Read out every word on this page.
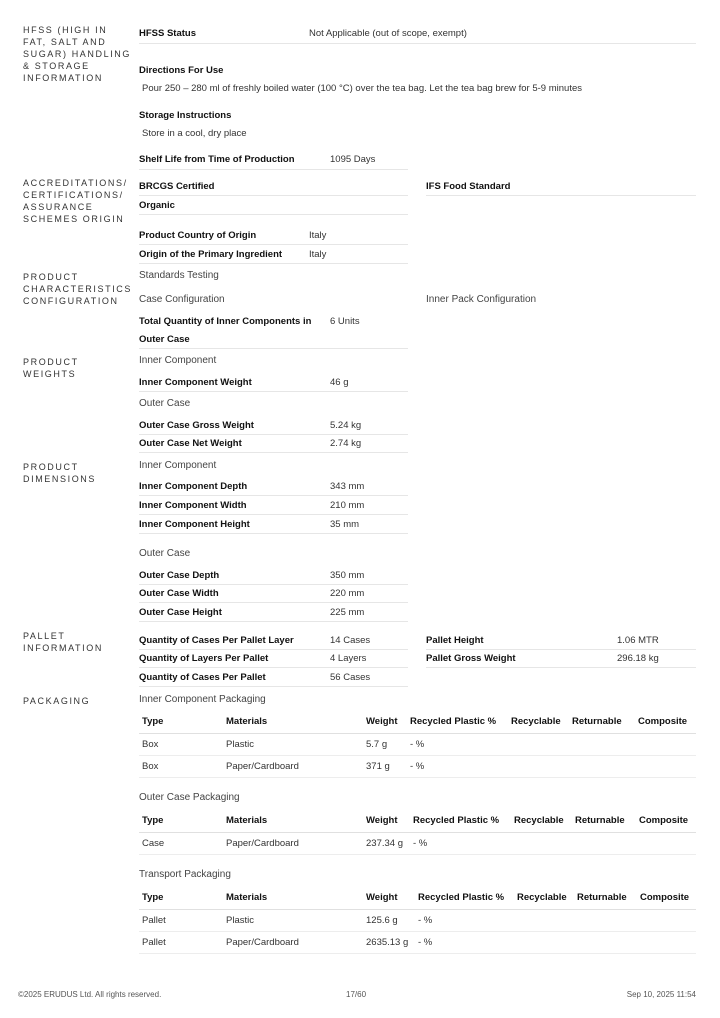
HFSS (HIGH IN FAT, SALT AND SUGAR) HANDLING & STORAGE INFORMATION
ACCREDITATIONS/ CERTIFICATIONS/ ASSURANCE SCHEMES ORIGIN
PRODUCT CHARACTERISTICS CONFIGURATION
PRODUCT WEIGHTS
PRODUCT DIMENSIONS
PALLET INFORMATION
PACKAGING
HFSS Status	Not Applicable (out of scope, exempt)
Directions For Use
Pour 250 – 280 ml of freshly boiled water (100 °C) over the tea bag. Let the tea bag brew for 5-9 minutes
Storage Instructions
Store in a cool, dry place
Shelf Life from Time of Production	1095 Days
BRCGS Certified	IFS Food Standard
Organic
Product Country of Origin	Italy
Origin of the Primary Ingredient	Italy
Standards Testing
Case Configuration	Inner Pack Configuration
Total Quantity of Inner Components in
Outer Case
6 Units
Inner Component
Inner Component Weight	46 g
Outer Case
Outer Case Gross Weight	5.24 kg
Outer Case Net Weight	2.74 kg
Inner Component
Inner Component Depth	343 mm
Inner Component Width	210 mm
Inner Component Height	35 mm
Outer Case
Outer Case Depth	350 mm
Outer Case Width	220 mm
Outer Case Height	225 mm
Quantity of Cases Per Pallet Layer	14 Cases	Pallet Height	1.06 MTR
Quantity of Layers Per Pallet	4 Layers	Pallet Gross Weight	296.18 kg
Quantity of Cases Per Pallet	56 Cases
Inner Component Packaging
Type	Materials	Weight	Recycled Plastic %	Recyclable	Returnable	Composite
Box	Plastic	5.7 g	- %			
Box	Paper/Cardboard	371 g	- %			
Outer Case Packaging
Type	Materials	Weight	Recycled Plastic %	Recyclable	Returnable	Composite
Case	Paper/Cardboard	237.34 g	- %			
Transport Packaging
Type	Materials	Weight	Recycled Plastic %	Recyclable	Returnable	Composite
Pallet	Plastic	125.6 g	- %			
Pallet	Paper/Cardboard	2635.13 g	- %			
©2025 ERUDUS Ltd. All rights reserved.	17/60	Sep 10, 2025 11:54
